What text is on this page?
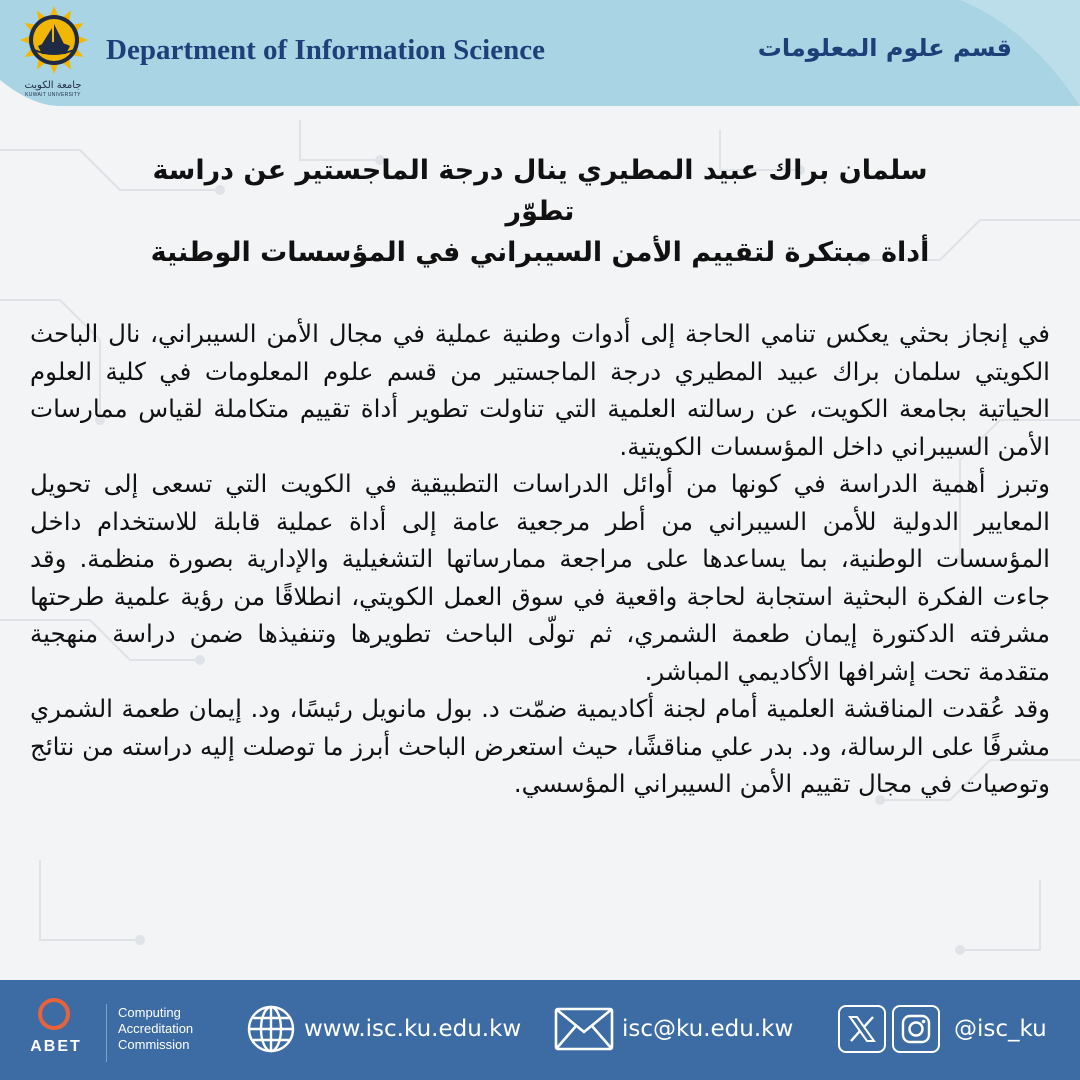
جامعة الكويت
KUWAIT UNIVERSITY
Department of Information Science	قسم علوم المعلومات
سلمان براك عبيد المطيري ينال درجة الماجستير عن دراسة تطوّر
أداة مبتكرة لتقييم الأمن السيبراني في المؤسسات الوطنية

في إنجاز بحثي يعكس تنامي الحاجة إلى أدوات وطنية عملية في مجال الأمن السيبراني، نال الباحث الكويتي سلمان براك عبيد المطيري درجة الماجستير من قسم علوم المعلومات في كلية العلوم الحياتية بجامعة الكويت، عن رسالته العلمية التي تناولت تطوير أداة تقييم متكاملة لقياس ممارسات الأمن السيبراني داخل المؤسسات الكويتية.

وتبرز أهمية الدراسة في كونها من أوائل الدراسات التطبيقية في الكويت التي تسعى إلى تحويل المعايير الدولية للأمن السيبراني من أطر مرجعية عامة إلى أداة عملية قابلة للاستخدام داخل المؤسسات الوطنية، بما يساعدها على مراجعة ممارساتها التشغيلية والإدارية بصورة منظمة. وقد جاءت الفكرة البحثية استجابة لحاجة واقعية في سوق العمل الكويتي، انطلاقًا من رؤية علمية طرحتها مشرفته الدكتورة إيمان طعمة الشمري، ثم تولّى الباحث تطويرها وتنفيذها ضمن دراسة منهجية متقدمة تحت إشرافها الأكاديمي المباشر.

وقد عُقدت المناقشة العلمية أمام لجنة أكاديمية ضمّت د. بول مانويل رئيسًا، ود. إيمان طعمة الشمري مشرفًا على الرسالة، ود. بدر علي مناقشًا، حيث استعرض الباحث أبرز ما توصلت إليه دراسته من نتائج وتوصيات في مجال تقييم الأمن السيبراني المؤسسي.

ABET
Computing
Accreditation
Commission
www.isc.ku.edu.kw	isc@ku.edu.kw	@isc_ku
